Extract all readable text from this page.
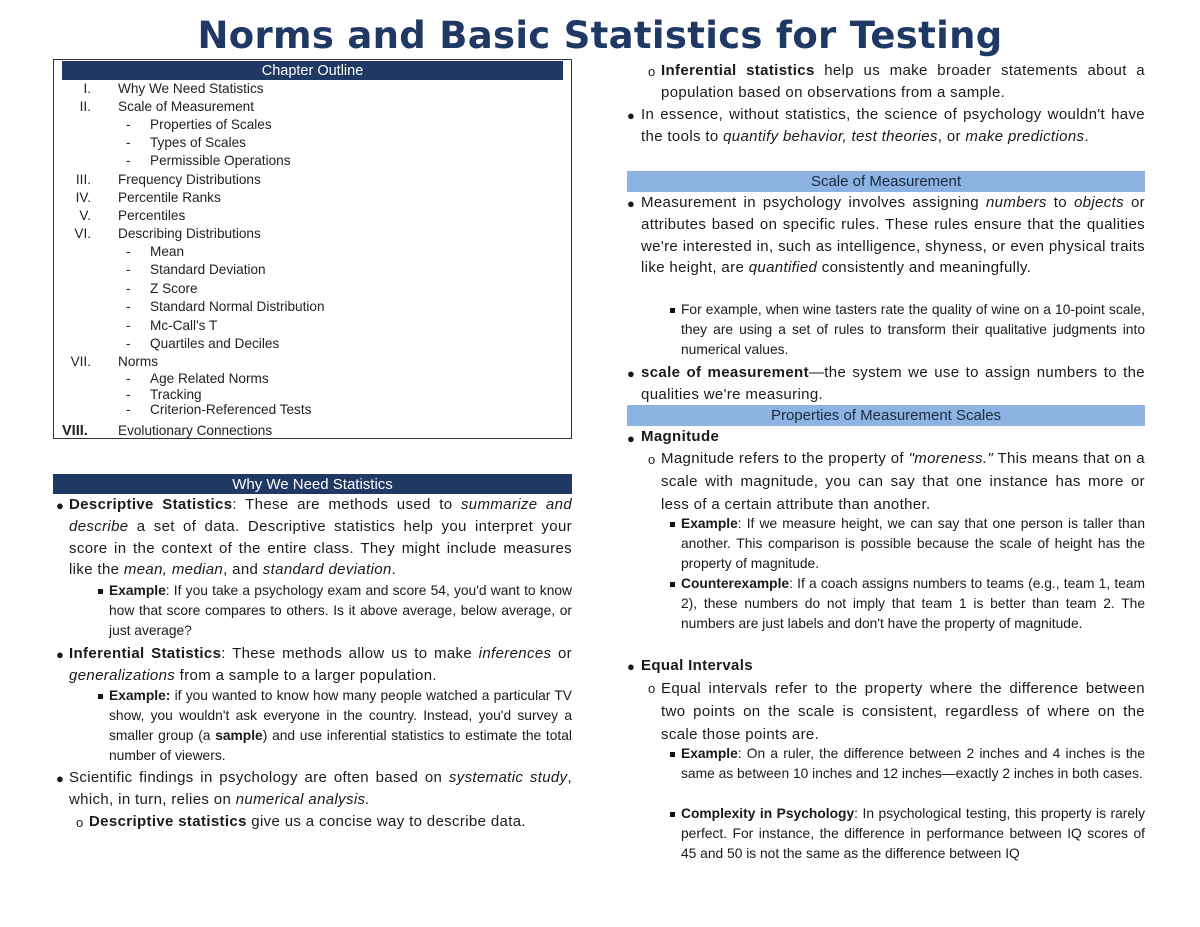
Norms and Basic Statistics for Testing
Chapter Outline
I. Why We Need Statistics
II. Scale of Measurement
-	Properties of Scales
-	Types of Scales
-	Permissible Operations
III. Frequency Distributions
IV. Percentile Ranks
V. Percentiles
VI. Describing Distributions
-	Mean
-	Standard Deviation
-	Z Score
-	Standard Normal Distribution
-	Mc-Call's T
-	Quartiles and Deciles
VII. Norms
-	Age Related Norms
-	Tracking
-	Criterion-Referenced Tests
VIII.	Evolutionary Connections
Why We Need Statistics
● Descriptive Statistics: These are methods used to summarize and describe a set of data. Descriptive statistics help you interpret your score in the context of the entire class. They might include measures like the mean, median, and standard deviation.
Example: If you take a psychology exam and score 54, you'd want to know how that score compares to others. Is it above average, below average, or just average?
● Inferential Statistics: These methods allow us to make inferences or generalizations from a sample to a larger population.
Example: if you wanted to know how many people watched a particular TV show, you wouldn't ask everyone in the country. Instead, you'd survey a smaller group (a sample) and use inferential statistics to estimate the total number of viewers.
● Scientific findings in psychology are often based on systematic study, which, in turn, relies on numerical analysis.
o Descriptive statistics give us a concise way to describe data.
o Inferential statistics help us make broader statements about a population based on observations from a sample.
● In essence, without statistics, the science of psychology wouldn't have the tools to quantify behavior, test theories, or make predictions.
Scale of Measurement
● Measurement in psychology involves assigning numbers to objects or attributes based on specific rules. These rules ensure that the qualities we're interested in, such as intelligence, shyness, or even physical traits like height, are quantified consistently and meaningfully.
For example, when wine tasters rate the quality of wine on a 10-point scale, they are using a set of rules to transform their qualitative judgments into numerical values.
● scale of measurement—the system we use to assign numbers to the qualities we're measuring.
Properties of Measurement Scales
● Magnitude
o Magnitude refers to the property of "moreness." This means that on a scale with magnitude, you can say that one instance has more or less of a certain attribute than another.
Example: If we measure height, we can say that one person is taller than another. This comparison is possible because the scale of height has the property of magnitude.
Counterexample: If a coach assigns numbers to teams (e.g., team 1, team 2), these numbers do not imply that team 1 is better than team 2. The numbers are just labels and don't have the property of magnitude.
● Equal Intervals
o Equal intervals refer to the property where the difference between two points on the scale is consistent, regardless of where on the scale those points are.
Example: On a ruler, the difference between 2 inches and 4 inches is the same as between 10 inches and 12 inches—exactly 2 inches in both cases.
Complexity in Psychology: In psychological testing, this property is rarely perfect. For instance, the difference in performance between IQ scores of 45 and 50 is not the same as the difference between IQ
